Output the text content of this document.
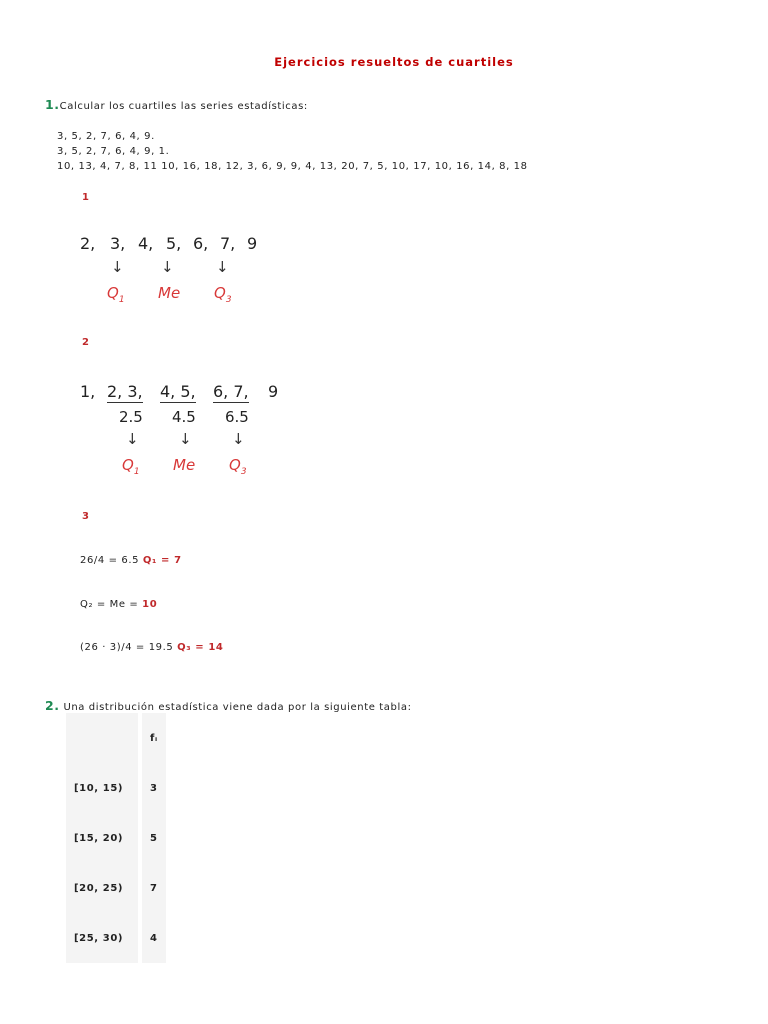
Ejercicios resueltos de cuartiles
1.Calcular los cuartiles las series estadísticas:
3, 5, 2, 7, 6, 4, 9.
3, 5, 2, 7, 6, 4, 9, 1.
10, 13, 4, 7, 8, 11 10, 16, 18, 12, 3, 6, 9, 9, 4, 13, 20, 7, 5, 10, 17, 10, 16, 14, 8, 18
1
2, 3, 4, 5, 6, 7, 9
↓ ↓	↓
$Q_1$ Me $Q_3$
2
1, 2, 3, 4, 5, 6, 7, 9
2.5 4.5 6.5
↓	↓	↓
$Q_1$ Me $Q_3$
3
26/4 = 6.5 Q₁ = 7
Q₂ = Me = 10
(26 · 3)/4 = 19.5 Q₃ = 14
2. Una distribución estadística viene dada por la siguiente tabla:
	fᵢ
[10, 15)	3
[15, 20)	5
[20, 25)	7
[25, 30)	4
